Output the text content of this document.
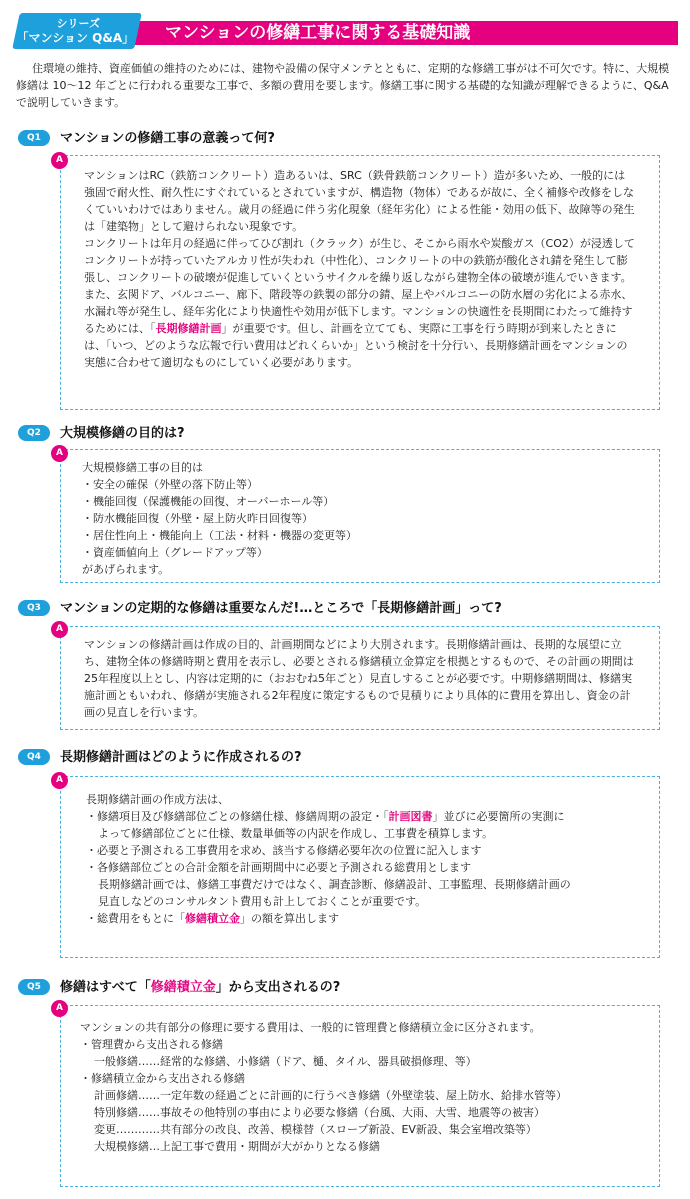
マンションの修繕工事に関する基礎知識
シリーズ
「マンション Q&A」

住環境の維持、資産価値の維持のためには、建物や設備の保守メンテとともに、定期的な修繕工事がは不可欠です。特に、大規模修繕は 10～12 年ごとに行われる重要な工事で、多額の費用を要します。修繕工事に関する基礎的な知識が理解できるように、Q&A で説明していきます。

Q1	マンションの修繕工事の意義って何?
A

マンションはRC（鉄筋コンクリート）造あるいは、SRC（鉄骨鉄筋コンクリート）造が多いため、一般的には強固で耐火性、耐久性にすぐれているとされていますが、構造物（物体）であるが故に、全く補修や改修をしなくていいわけではありません。歳月の経過に伴う劣化現象（経年劣化）による性能・効用の低下、故障等の発生は「建築物」として避けられない現象です。

コンクリートは年月の経過に伴ってひび割れ（クラック）が生じ、そこから雨水や炭酸ガス（CO2）が浸透してコンクリートが持っていたアルカリ性が失われ（中性化）、コンクリートの中の鉄筋が酸化され錆を発生して膨張し、コンクリートの破壊が促進していくというサイクルを繰り返しながら建物全体の破壊が進んでいきます。

また、玄関ドア、バルコニー、廊下、階段等の鉄製の部分の錆、屋上やバルコニーの防水層の劣化による赤水、水漏れ等が発生し、経年劣化により快適性や効用が低下します。マンションの快適性を長期間にわたって維持するためには、「長期修繕計画」が重要です。但し、計画を立てても、実際に工事を行う時期が到来したときには、「いつ、どのような広報で行い費用はどれくらいか」という検討を十分行い、長期修繕計画をマンションの実態に合わせて適切なものにしていく必要があります。

Q2	大規模修繕の目的は?
A
大規模修繕工事の目的は
・安全の確保（外壁の落下防止等）
・機能回復（保護機能の回復、オーバーホール等）
・防水機能回復（外壁・屋上防火昨日回復等）
・居住性向上・機能向上（工法・材料・機器の変更等）
・資産価値向上（グレードアップ等）
があげられます。
Q3	マンションの定期的な修繕は重要なんだ!…ところで「長期修繕計画」って?
A

マンションの修繕計画は作成の目的、計画期間などにより大別されます。長期修繕計画は、長期的な展望に立ち、建物全体の修繕時期と費用を表示し、必要とされる修繕積立金算定を根拠とするもので、その計画の期間は25年程度以上とし、内容は定期的に（おおむね5年ごと）見直しすることが必要です。中期修繕期間は、修繕実施計画ともいわれ、修繕が実施される2年程度に策定するもので見積りにより具体的に費用を算出し、資金の計画の見直しを行います。

Q4	長期修繕計画はどのように作成されるの?
A
長期修繕計画の作成方法は、
・修繕項目及び修繕部位ごとの修繕仕様、修繕周期の設定・「計画図書」並びに必要箇所の実測に
よって修繕部位ごとに仕様、数量単価等の内訳を作成し、工事費を積算します。
・必要と予測される工事費用を求め、該当する修繕必要年次の位置に記入します
・各修繕部位ごとの合計金額を計画期間中に必要と予測される総費用とします
長期修繕計画では、修繕工事費だけではなく、調査診断、修繕設計、工事監理、長期修繕計画の
見直しなどのコンサルタント費用も計上しておくことが重要です。
・総費用をもとに「修繕積立金」の額を算出します
Q5	修繕はすべて「修繕積立金」から支出されるの?
A
マンションの共有部分の修理に要する費用は、一般的に管理費と修繕積立金に区分されます。
・管理費から支出される修繕
一般修繕……経常的な修繕、小修繕（ドア、樋、タイル、器具破損修理、等）
・修繕積立金から支出される修繕
計画修繕……一定年数の経過ごとに計画的に行うべき修繕（外壁塗装、屋上防水、給排水管等）
特別修繕……事故その他特別の事由により必要な修繕（台風、大雨、大雪、地震等の被害）
変更…………共有部分の改良、改善、模様替（スロープ新設、EV新設、集会室増改築等）
大規模修繕…上記工事で費用・期間が大がかりとなる修繕
